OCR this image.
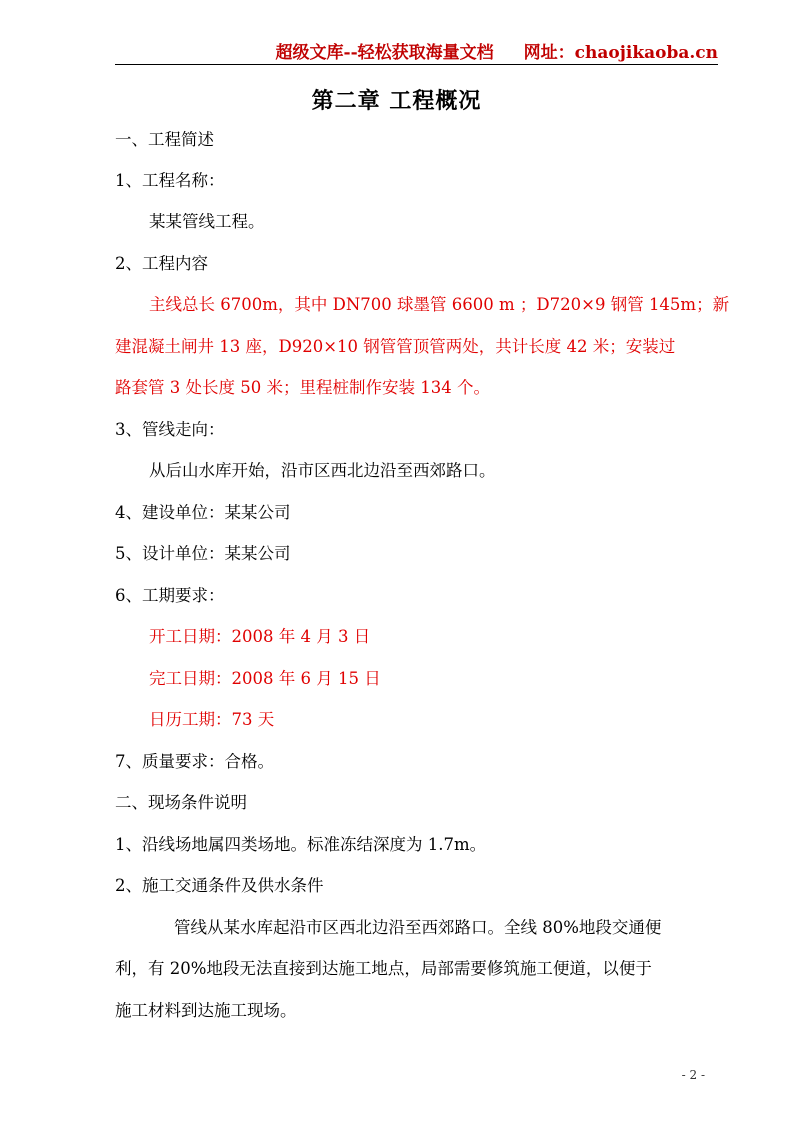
超级文库--轻松获取海量文档 网址：chaojikaoba.cn
第二章 工程概况
一、工程简述
1、工程名称：
某某管线工程。
2、工程内容
主线总长 6700m，其中 DN700 球墨管 6600 m ；D720×9 钢管 145m；新
建混凝土闸井 13 座，D920×10 钢管管顶管两处，共计长度 42 米；安装过
路套管 3 处长度 50 米；里程桩制作安装 134 个。
3、管线走向：
从后山水库开始，沿市区西北边沿至西郊路口。
4、建设单位：某某公司
5、设计单位：某某公司
6、工期要求：
开工日期：2008 年 4 月 3 日
完工日期：2008 年 6 月 15 日
日历工期：73 天
7、质量要求：合格。
二、现场条件说明
1、沿线场地属四类场地。标准冻结深度为 1.7m。
2、施工交通条件及供水条件
管线从某水库起沿市区西北边沿至西郊路口。全线 80%地段交通便
利，有 20%地段无法直接到达施工地点，局部需要修筑施工便道，以便于
施工材料到达施工现场。
- 2 -
